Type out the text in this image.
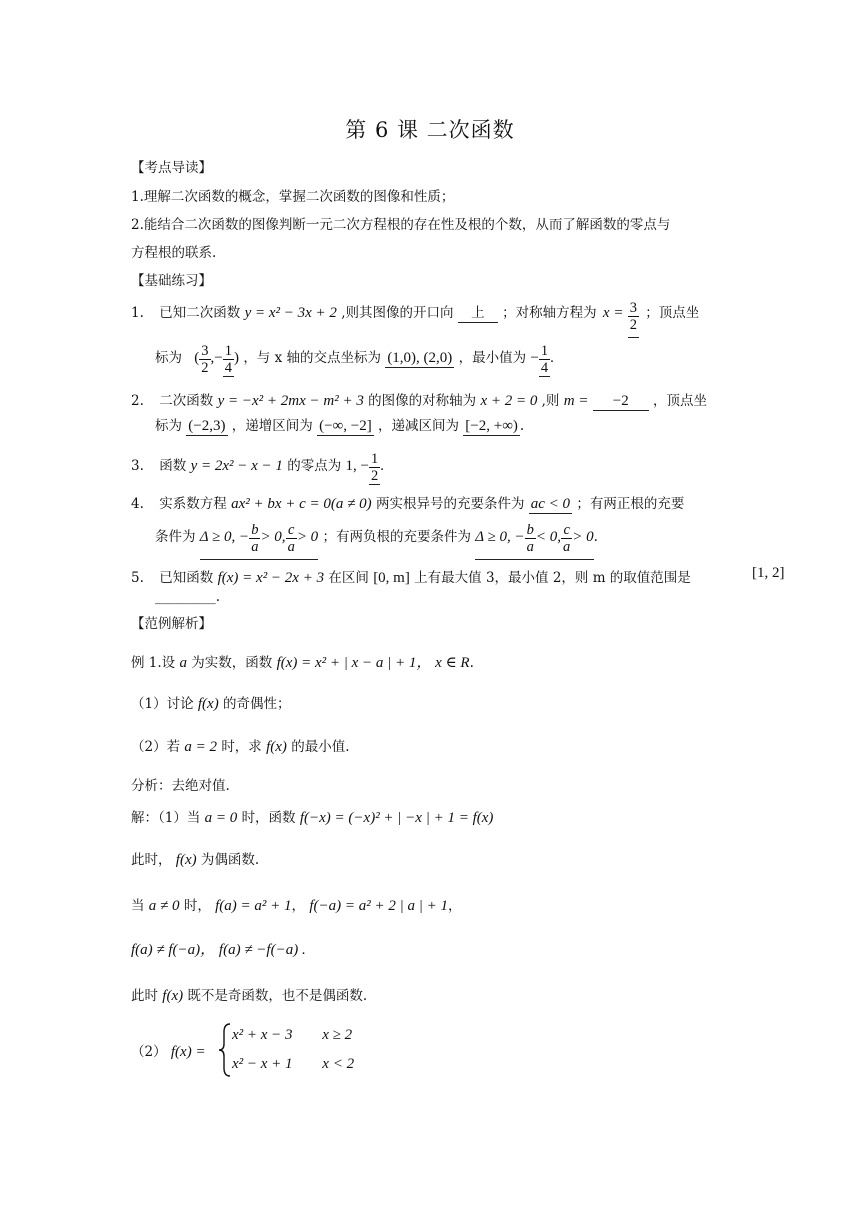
第 6 课 二次函数
【考点导读】
1.理解二次函数的概念，掌握二次函数的图像和性质；
2.能结合二次函数的图像判断一元二次方程根的存在性及根的个数，从而了解函数的零点与
方程根的联系.
【基础练习】
1. 已知二次函数 y = x² − 3x + 2 ,则其图像的开口向 上 ；对称轴方程为 $x = \frac{3}{2}$ ；顶点坐
标为 ( $\frac{3}{2}$ ,− $\frac{1}{4}$ ) ，与 x 轴的交点坐标为 (1,0), (2,0) ，最小值为 − $\frac{1}{4}$ .
2. 二次函数 y = −x² + 2mx − m² + 3 的图像的对称轴为 x + 2 = 0 ,则 m = −2 ，顶点坐
标为 (−2,3) ，递增区间为 (−∞, −2] ，递减区间为 [−2, +∞) .
3. 函数 y = 2x² − x − 1 的零点为 1, − $\frac{1}{2}$ .
4. 实系数方程 ax² + bx + c = 0(a ≠ 0) 两实根异号的充要条件为 ac < 0 ；有两正根的充要
条件为 Δ ≥ 0, − $\frac{b}{a} > 0$, $\frac{c}{a} > 0$ ；有两负根的充要条件为 Δ ≥ 0, − $\frac{b}{a} < 0$, $\frac{c}{a} > 0$.
5. 已知函数 f(x) = x² − 2x + 3 在区间 [0, m] 上有最大值 3，最小值 2，则 m 的取值范围是	[1, 2]
_________.
【范例解析】
例 1.设 a 为实数，函数 f(x) = x² + | x − a | + 1， x ∈ R.
（1）讨论 f(x) 的奇偶性；
（2）若 a = 2 时，求 f(x) 的最小值.
分析：去绝对值.
解：（1）当 a = 0 时，函数 f(−x) = (−x)² + | −x | + 1 = f(x)
此时， f(x) 为偶函数.
当 a ≠ 0 时， f(a) = a² + 1， f(−a) = a² + 2 | a | + 1，
f(a) ≠ f(−a)， f(a) ≠ −f(−a) .
此时 f(x) 既不是奇函数，也不是偶函数.
（2） f(x) =
x² + x − 3 x ≥ 2
x² − x + 1 x < 2
